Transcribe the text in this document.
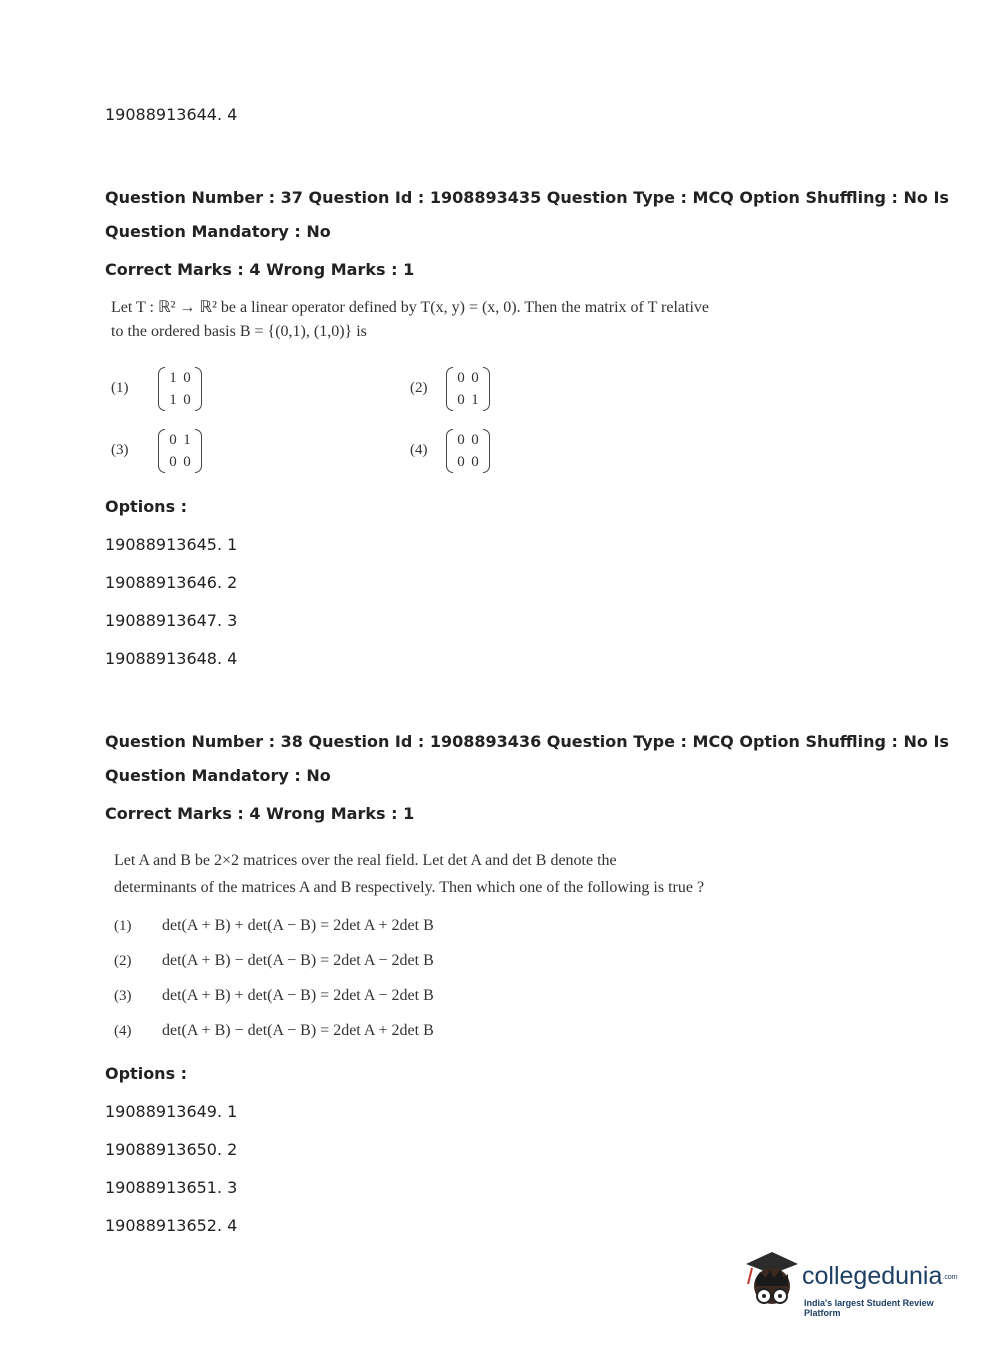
19088913644. 4
Question Number : 37 Question Id : 1908893435 Question Type : MCQ Option Shuffling : No Is
Question Mandatory : No
Correct Marks : 4 Wrong Marks : 1
Let T : ℝ² → ℝ² be a linear operator defined by T(x, y) = (x, 0). Then the matrix of T relative
to the ordered basis B = {(0,1), (1,0)} is
(1)
1 0
1 0
(2)
0 0
0 1
(3)
0 1
0 0
(4)
0 0
0 0
Options :
19088913645. 1
19088913646. 2
19088913647. 3
19088913648. 4
Question Number : 38 Question Id : 1908893436 Question Type : MCQ Option Shuffling : No Is
Question Mandatory : No
Correct Marks : 4 Wrong Marks : 1
Let A and B be 2×2 matrices over the real field. Let det A and det B denote the
determinants of the matrices A and B respectively. Then which one of the following is true ?
(1) det(A + B) + det(A − B) = 2det A + 2det B
(2) det(A + B) − det(A − B) = 2det A − 2det B
(3) det(A + B) + det(A − B) = 2det A − 2det B
(4) det(A + B) − det(A − B) = 2det A + 2det B
Options :
19088913649. 1
19088913650. 2
19088913651. 3
19088913652. 4
collegedunia.com
India's largest Student Review Platform
